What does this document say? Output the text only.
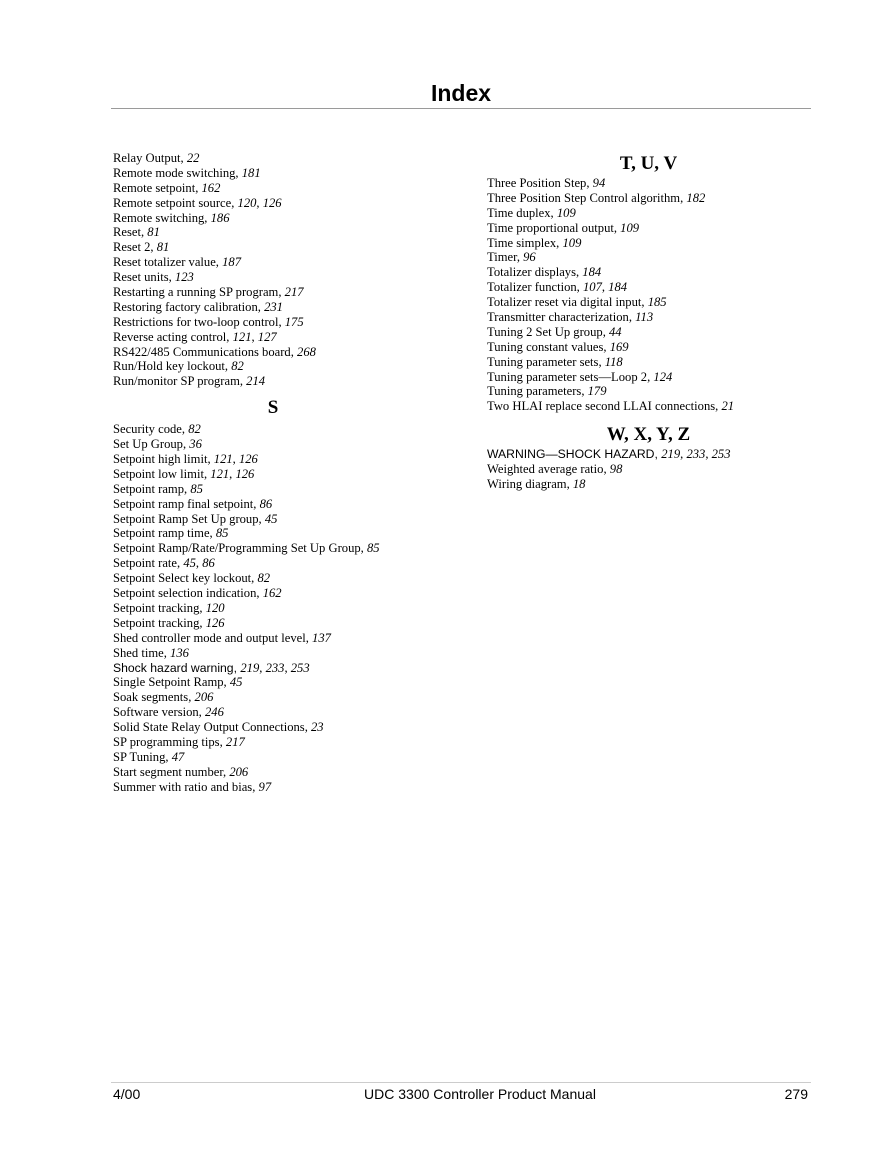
Index
Relay Output, 22
Remote mode switching, 181
Remote setpoint, 162
Remote setpoint source, 120, 126
Remote switching, 186
Reset, 81
Reset 2, 81
Reset totalizer value, 187
Reset units, 123
Restarting a running SP program, 217
Restoring factory calibration, 231
Restrictions for two-loop control, 175
Reverse acting control, 121, 127
RS422/485 Communications board, 268
Run/Hold key lockout, 82
Run/monitor SP program, 214
S
Security code, 82
Set Up Group, 36
Setpoint high limit, 121, 126
Setpoint low limit, 121, 126
Setpoint ramp, 85
Setpoint ramp final setpoint, 86
Setpoint Ramp Set Up group, 45
Setpoint ramp time, 85
Setpoint Ramp/Rate/Programming Set Up Group, 85
Setpoint rate, 45, 86
Setpoint Select key lockout, 82
Setpoint selection indication, 162
Setpoint tracking, 120
Setpoint tracking, 126
Shed controller mode and output level, 137
Shed time, 136
Shock hazard warning, 219, 233, 253
Single Setpoint Ramp, 45
Soak segments, 206
Software version, 246
Solid State Relay Output Connections, 23
SP programming tips, 217
SP Tuning, 47
Start segment number, 206
Summer with ratio and bias, 97
T, U, V
Three Position Step, 94
Three Position Step Control algorithm, 182
Time duplex, 109
Time proportional output, 109
Time simplex, 109
Timer, 96
Totalizer displays, 184
Totalizer function, 107, 184
Totalizer reset via digital input, 185
Transmitter characterization, 113
Tuning 2 Set Up group, 44
Tuning constant values, 169
Tuning parameter sets, 118
Tuning parameter sets—Loop 2, 124
Tuning parameters, 179
Two HLAI replace second LLAI connections, 21
W, X, Y, Z
WARNING—SHOCK HAZARD, 219, 233, 253
Weighted average ratio, 98
Wiring diagram, 18
4/00	UDC 3300 Controller Product Manual	279
